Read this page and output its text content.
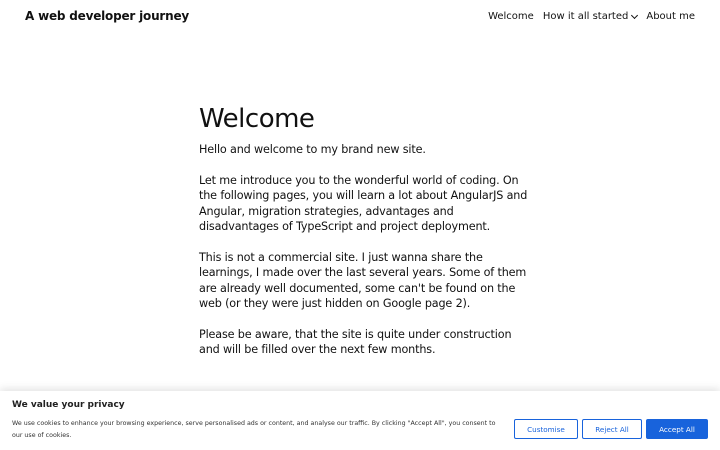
A web developer journey	Welcome How it all started About me
Welcome

Hello and welcome to my brand new site.

Let me introduce you to the wonderful world of coding. On the following pages, you will learn a lot about AngularJS and Angular, migration strategies, advantages and disadvantages of TypeScript and project deployment.

This is not a commercial site. I just wanna share the learnings, I made over the last several years. Some of them are already well documented, some can't be found on the web (or they were just hidden on Google page 2).

Please be aware, that the site is quite under construction and will be filled over the next few months.

We value your privacy
We use cookies to enhance your browsing experience, serve personalised ads or content, and analyse our traffic. By clicking "Accept All", you consent to our use of cookies.
Customise	Reject All	Accept All
